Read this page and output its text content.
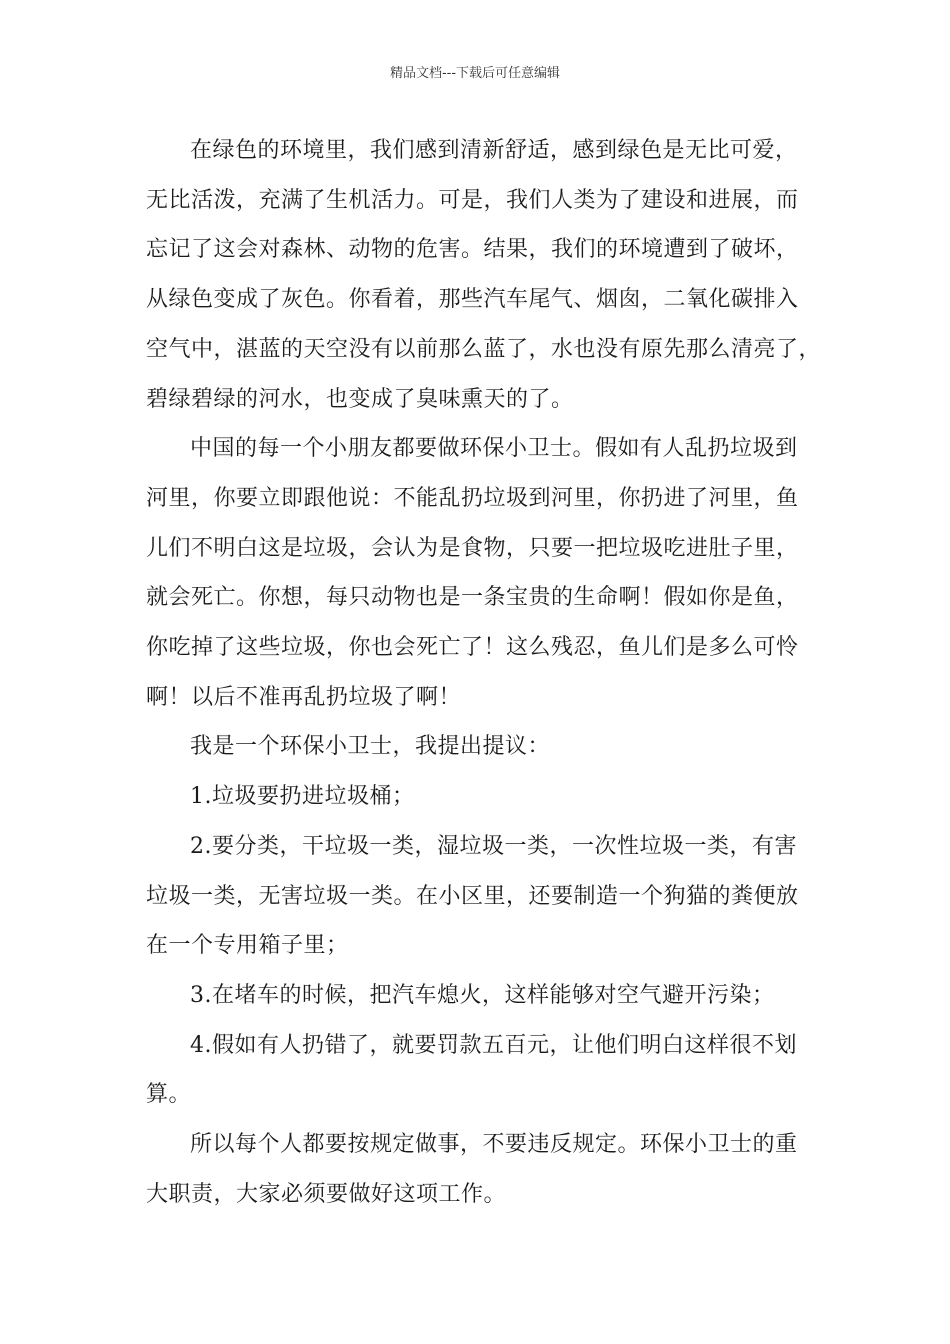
精品文档---下载后可任意编辑

在绿色的环境里，我们感到清新舒适，感到绿色是无比可爱，
无比活泼，充满了生机活力。可是，我们人类为了建设和进展，而
忘记了这会对森林、动物的危害。结果，我们的环境遭到了破坏，
从绿色变成了灰色。你看着，那些汽车尾气、烟囱，二氧化碳排入
空气中，湛蓝的天空没有以前那么蓝了，水也没有原先那么清亮了，
碧绿碧绿的河水，也变成了臭味熏天的了。

中国的每一个小朋友都要做环保小卫士。假如有人乱扔垃圾到
河里，你要立即跟他说：不能乱扔垃圾到河里，你扔进了河里，鱼
儿们不明白这是垃圾，会认为是食物，只要一把垃圾吃进肚子里，
就会死亡。你想，每只动物也是一条宝贵的生命啊！假如你是鱼，
你吃掉了这些垃圾，你也会死亡了！这么残忍，鱼儿们是多么可怜
啊！以后不准再乱扔垃圾了啊！

我是一个环保小卫士，我提出提议：

1.垃圾要扔进垃圾桶；

2.要分类，干垃圾一类，湿垃圾一类，一次性垃圾一类，有害
垃圾一类，无害垃圾一类。在小区里，还要制造一个狗猫的粪便放
在一个专用箱子里；

3.在堵车的时候，把汽车熄火，这样能够对空气避开污染；

4.假如有人扔错了，就要罚款五百元，让他们明白这样很不划
算。

所以每个人都要按规定做事，不要违反规定。环保小卫士的重
大职责，大家必须要做好这项工作。
